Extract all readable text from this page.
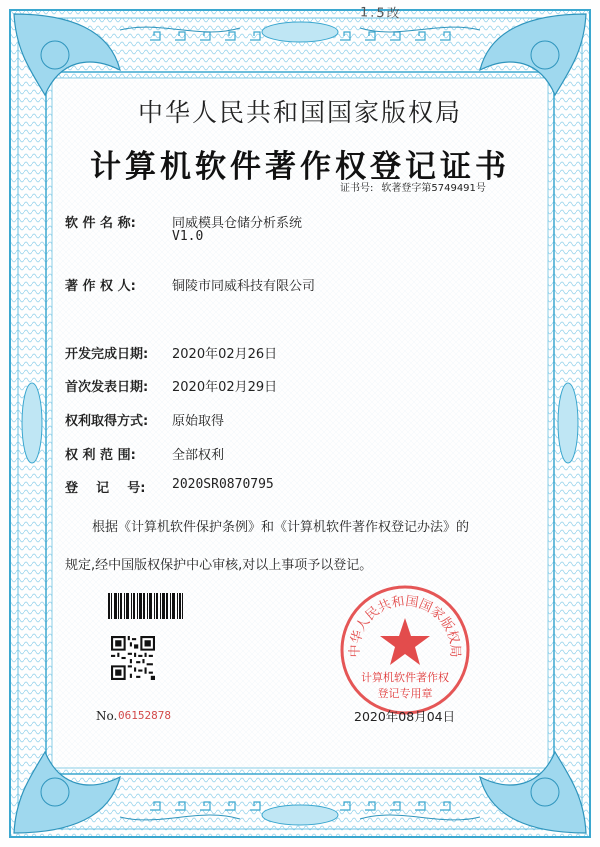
1.5改
中华人民共和国国家版权局
计算机软件著作权登记证书
证书号: 软著登字第5749491号
软 件 名 称:	同威模具仓储分析系统
V1.0
著 作 权 人:	铜陵市同威科技有限公司
开发完成日期: 2020年02月26日
首次发表日期: 2020年02月29日
权利取得方式: 原始取得
权 利 范 围:	全部权利
登    记    号: 2020SR0870795
根据《计算机软件保护条例》和《计算机软件著作权登记办法》的
规定,经中国版权保护中心审核,对以上事项予以登记。
No. 06152878
中华人民共和国国家版权局
计算机软件著作权
登记专用章
2020年08月04日
